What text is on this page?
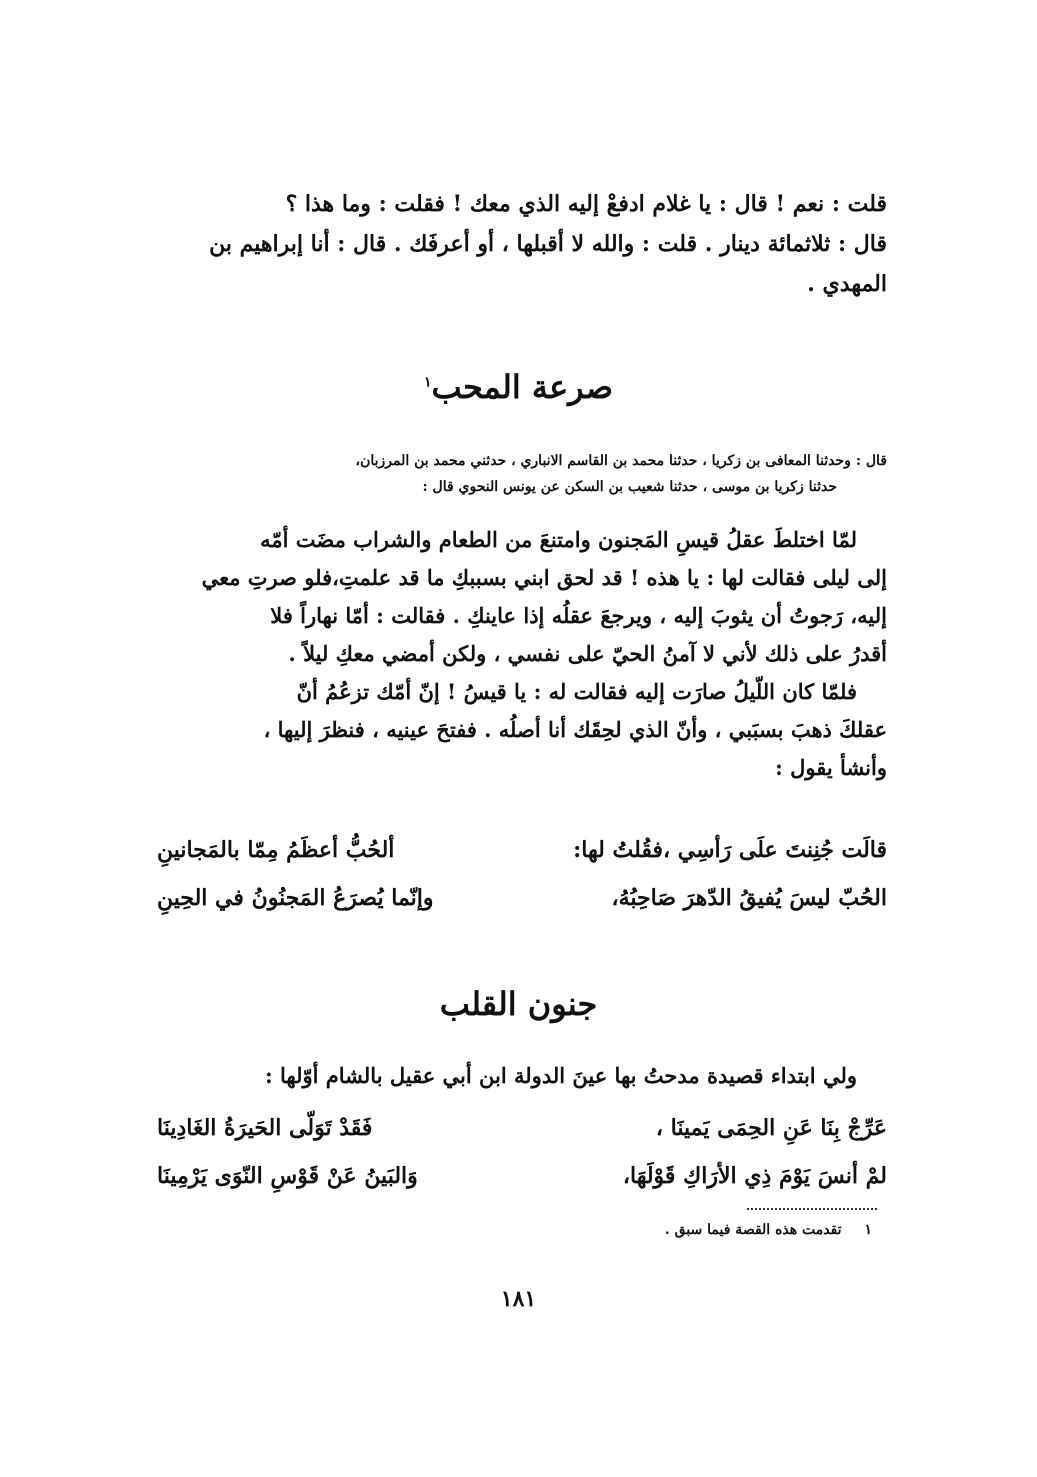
قلت : نعم ! قال : يا غلام ادفعْ إليه الذي معك ! فقلت : وما هذا ؟
قال : ثلاثمائة دينار . قلت : والله لا أقبلها ، أو أعرفَك . قال : أنا إبراهيم بن
المهدي .
صرعة المحب$^١$
قال : وحدثنا المعافى بن زكريا ، حدثنا محمد بن القاسم الانباري ، حدثني محمد بن المرزبان،
حدثنا زكريا بن موسى ، حدثنا شعيب بن السكن عن يونس النحوي قال :
لمّا اختلطَ عقلُ قيسِ المَجنون وامتنعَ من الطعام والشراب مضَت أمّه
إلى ليلى فقالت لها : يا هذه ! قد لحق ابني بسببكِ ما قد علمتِ،فلو صرتِ معي
إليه، رَجوتُ أن يثوبَ إليه ، ويرجعَ عقلُه إذا عاينكِ . فقالت : أمّا نهاراً فلا
أقدرُ على ذلك لأني لا آمنُ الحيّ على نفسي ، ولكن أمضي معكِ ليلاً .
فلمّا كان اللّيلُ صارَت إليه فقالت له : يا قيسُ ! إنّ أمّك تزعُمُ أنّ
عقلكَ ذهبَ بسبَبي ، وأنّ الذي لحِقَك أنا أصلُه . ففتحَ عينيه ، فنظرَ إليها ،
وأنشأ يقول :
قالَت جُنِنتَ علَى رَأسِي ،فقُلتُ لها:
ألحُبُّ أعظَمُ مِمّا بالمَجانينِ
الحُبّ ليسَ يُفيقُ الدّهرَ صَاحِبُهُ،
وإنّما يُصرَعُ المَجنُونُ في الحِينِ
جنون القلب
ولي ابتداء قصيدة مدحتُ بها عينَ الدولة ابن أبي عقيل بالشام أوّلها :
عَرِّجْ بِنَا عَنِ الحِمَى يَمينَا ،
فَقَدْ تَوَلّى الحَيرَةُ الغَادِينَا
لمْ أنسَ يَوْمَ ذِي الأرَاكِ قَوْلَهَا،
وَالبَينُ عَنْ قَوْسِ النّوَى يَرْمِينَا
١ تقدمت هذه القصة فيما سبق .
١٨١
